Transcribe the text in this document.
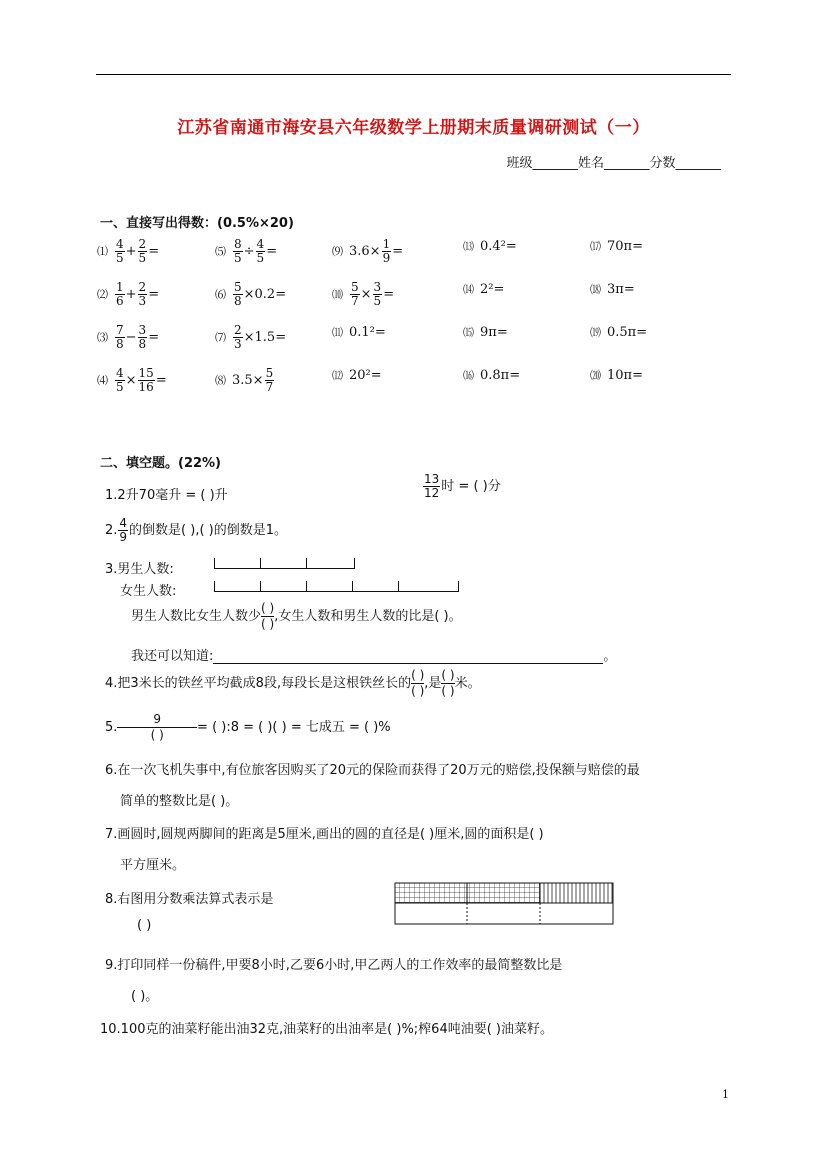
江苏省南通市海安县六年级数学上册期末质量调研测试（一）
班级_______姓名_______分数_______
一、直接写出得数：(0.5%×20)
⑴ $\frac{4}{5} + \frac{2}{5}$ =
⑵ $\frac{1}{6} + \frac{2}{3}$ =
⑶ $\frac{7}{8} - \frac{3}{8}$ =
⑷ $\frac{4}{5} \times \frac{15}{16}$ =
⑸ $\frac{8}{5} \div \frac{4}{5}$ =
⑹ $\frac{5}{8} \times 0.2=$
⑺ $\frac{2}{3} \times 1.5=$
⑻ $3.5\times \frac{5}{7}$
⑼ $3.6\times \frac{1}{9}$ =
⑽ $\frac{5}{7} \times \frac{3}{5}$ =
⑾ 0.1²=
⑿ 20²=
⒀ 0.4²=
⒁ 2²=
⒂ 9π=
⒃ 0.8π=
⒄ 70π=
⒅ 3π=
⒆ 0.5π=
⒇ 10π=
二、填空题。(22%)
1.2升70毫升 = ( )升	$\frac{13}{12}$ 时 = ( )分
2. $\frac{4}{9}$ 的倒数是( ),( )的倒数是1。
3.男生人数:
女生人数:
男生人数比女生人数少
( )
( ) ,女生人数和男生人数的比是( )。
我还可以知道:	。
4.把3米长的铁丝平均截成8段,每段长是这根铁丝长的
( )
( ) ,是
( )
( ) 米。
5.
9
( )	= ( ):8 = ( )( ) = 七成五 = ( )%
6.在一次飞机失事中,有位旅客因购买了20元的保险而获得了20万元的赔偿,投保额与赔偿的最
简单的整数比是( )。
7.画圆时,圆规两脚间的距离是5厘米,画出的圆的直径是( )厘米,圆的面积是( )
平方厘米。
8.右图用分数乘法算式表示是
( )
9.打印同样一份稿件,甲要8小时,乙要6小时,甲乙两人的工作效率的最简整数比是
( )。
10.100克的油菜籽能出油32克,油菜籽的出油率是( )%;榨64吨油要( )油菜籽。
1
